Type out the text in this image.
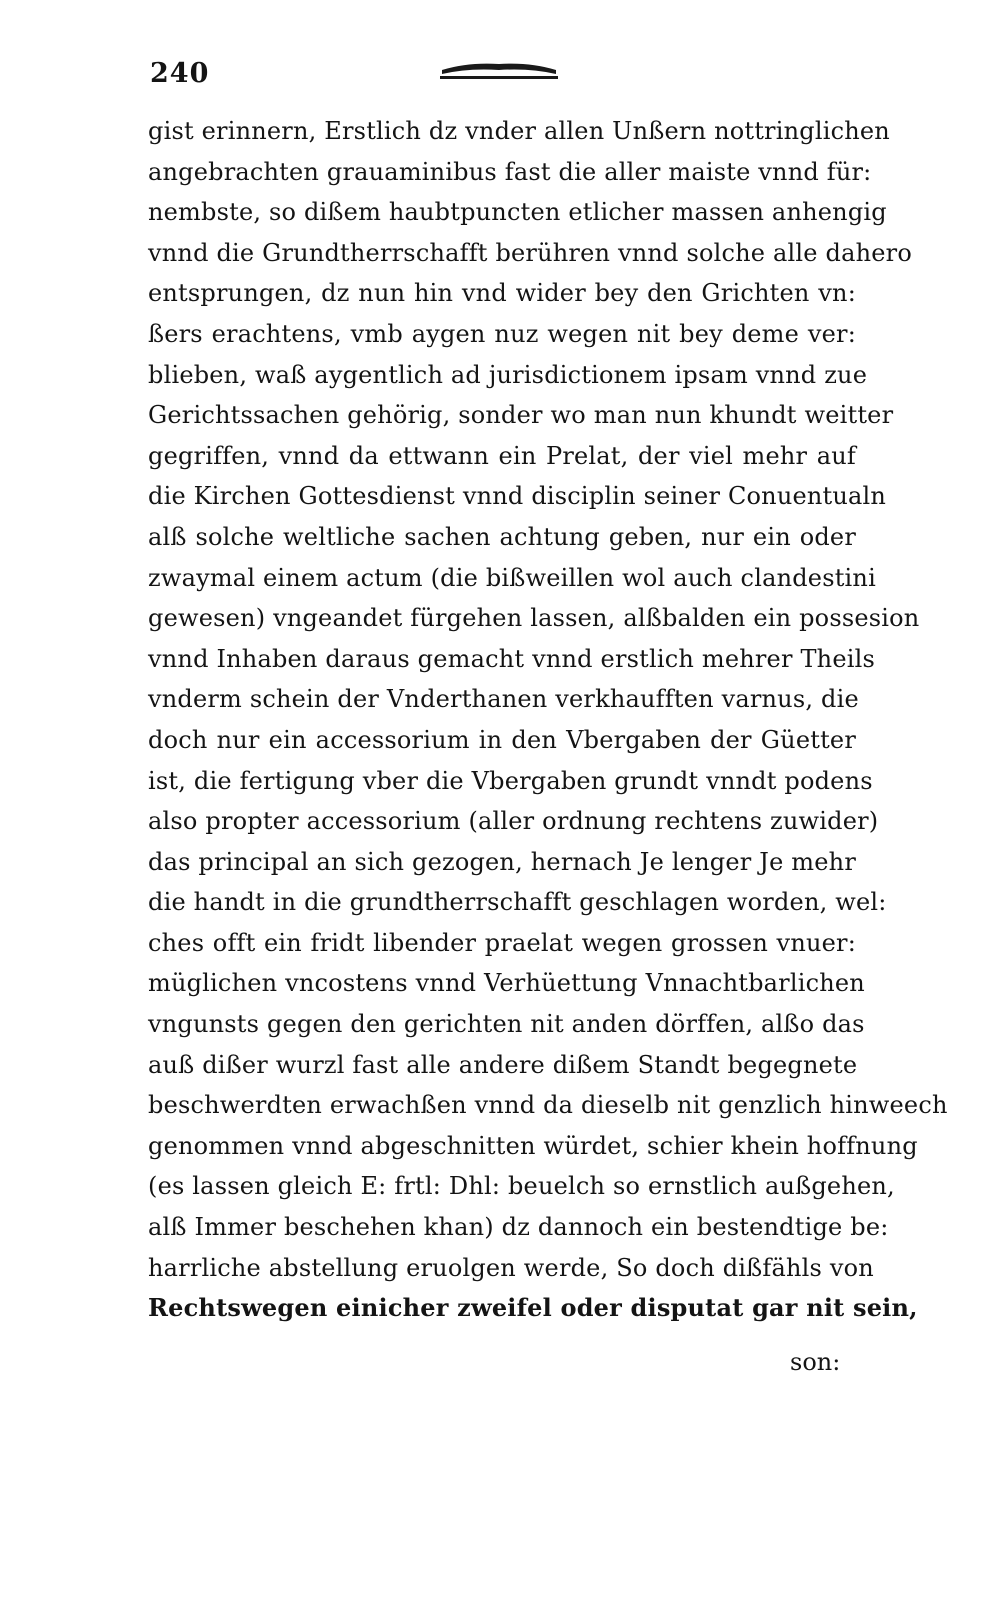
240
gist erinnern, Erstlich dz vnder allen Unßern nottringlichen
angebrachten grauaminibus fast die aller maiste vnnd für:
nembste, so dißem haubtpuncten etlicher massen anhengig
vnnd die Grundtherrschafft berühren vnnd solche alle dahero
entsprungen, dz nun hin vnd wider bey den Grichten vn:
ßers erachtens, vmb aygen nuz wegen nit bey deme ver:
blieben, waß aygentlich ad jurisdictionem ipsam vnnd zue
Gerichtssachen gehörig, sonder wo man nun khundt weitter
gegriffen, vnnd da ettwann ein Prelat, der viel mehr auf
die Kirchen Gottesdienst vnnd disciplin seiner Conuentualn
alß solche weltliche sachen achtung geben, nur ein oder
zwaymal einem actum (die bißweillen wol auch clandestini
gewesen) vngeandet fürgehen lassen, alßbalden ein possesion
vnnd Inhaben daraus gemacht vnnd erstlich mehrer Theils
vnderm schein der Vnderthanen verkhaufften varnus, die
doch nur ein accessorium in den Vbergaben der Güetter
ist, die fertigung vber die Vbergaben grundt vnndt podens
also propter accessorium (aller ordnung rechtens zuwider)
das principal an sich gezogen, hernach Je lenger Je mehr
die handt in die grundtherrschafft geschlagen worden, wel:
ches offt ein fridt libender praelat wegen grossen vnuer:
müglichen vncostens vnnd Verhüettung Vnnachtbarlichen
vngunsts gegen den gerichten nit anden dörffen, alßo das
auß dißer wurzl fast alle andere dißem Standt begegnete
beschwerdten erwachßen vnnd da dieselb nit genzlich hinweech
genommen vnnd abgeschnitten würdet, schier khein hoffnung
(es lassen gleich E: frtl: Dhl: beuelch so ernstlich außgehen,
alß Immer beschehen khan) dz dannoch ein bestendtige be:
harrliche abstellung eruolgen werde, So doch dißfähls von
Rechtswegen einicher zweifel oder disputat gar nit sein,
son:
